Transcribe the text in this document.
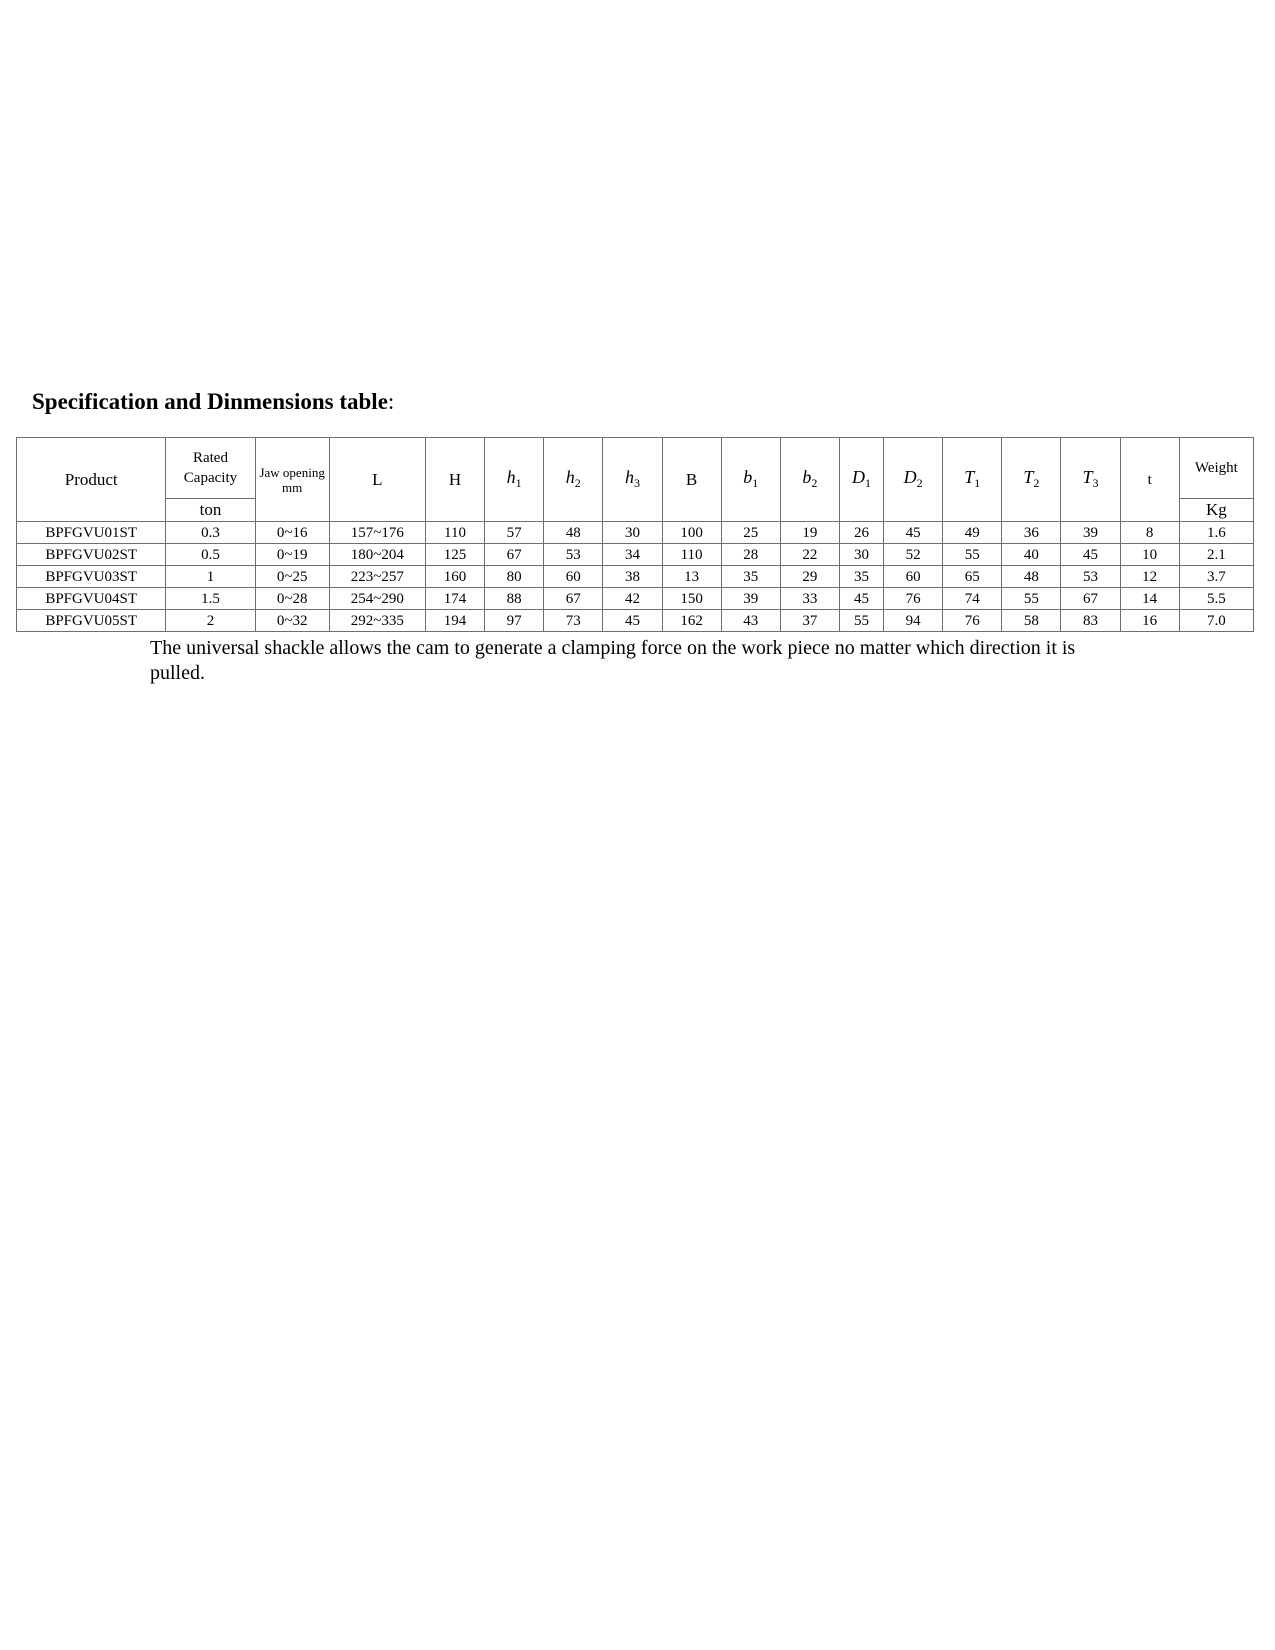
Specification and Dinmensions table:
Product	Rated Capacity	Jaw opening mm	L	H	$h_1$	$h_2$	$h_3$	B	$b_1$	$b_2$	$D_1$	$D_2$	$T_1$	$T_2$	$T_3$	t	Weight
	ton																Kg
BPFGVU01ST	0.3	0~16	157~176	110	57	48	30	100	25	19	26	45	49	36	39	8	1.6
BPFGVU02ST	0.5	0~19	180~204	125	67	53	34	110	28	22	30	52	55	40	45	10	2.1
BPFGVU03ST	1	0~25	223~257	160	80	60	38	13	35	29	35	60	65	48	53	12	3.7
BPFGVU04ST	1.5	0~28	254~290	174	88	67	42	150	39	33	45	76	74	55	67	14	5.5
BPFGVU05ST	2	0~32	292~335	194	97	73	45	162	43	37	55	94	76	58	83	16	7.0
The universal shackle allows the cam to generate a clamping force on the work piece no matter which direction it is pulled.
